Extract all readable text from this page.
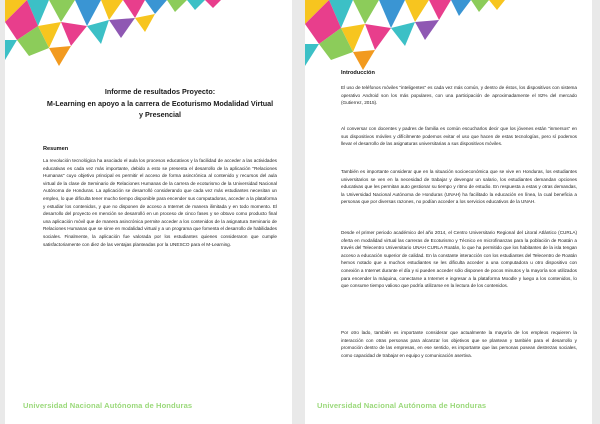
Informe de resultados Proyecto:
M-Learning en apoyo a la carrera de Ecoturismo Modalidad Virtual y Presencial
Resumen
La revolución tecnológica ha asociado el aula los procesos educativos y la facilidad de acceder a las actividades educativas es cada vez más importante, debido a esto se presenta el desarrollo de la aplicación "Relaciones Humanas" cuyo objetivo principal es permitir el acceso de forma asincrónica al contenido y recursos del aula virtual de la clase de Seminario de Relaciones Humanas de la carrera de ecoturismo de la Universidad Nacional Autónoma de Honduras. La aplicación se desarrolló considerando que cada vez más estudiantes necesitan un empleo, lo que dificulta tener mucho tiempo disponible para encender sus computadoras, acceder a la plataforma y estudiar los contenidos, y que no disponen de acceso a Internet de manera ilimitada y en todo momento. El desarrollo del proyecto en mención se desarrolló en un proceso de cinco fases y se obtuvo como producto final una aplicación móvil que de manera asincrónica permite acceder a los contenidos de la asignatura Seminario de Relaciones Humanas que se sirve en modalidad virtual y a un programa que fomenta el desarrollo de habilidades sociales. Finalmente, la aplicación fue valorada por los estudiantes quienes consideraron que cumple satisfactoriamente con diez de las ventajas planteadas por la UNESCO para el M-Learning.
Universidad Nacional Autónoma de Honduras
Introducción
El uso de teléfonos móviles "inteligentes" es cada vez más común, y dentro de éstos, los dispositivos con sistema operativo Android son los más populares, con una participación de aproximadamente el 82% del mercado (Gutierrez, 2015).
Al conversar con docentes y padres de familia es común escucharlos decir que los jóvenes están "inmersos" en sus dispositivos móviles y difícilmente podemos evitar el uso que hacen de estas tecnologías, pero sí podemos llevar el desarrollo de las asignaturas universitarias a sus dispositivos móviles.
También es importante considerar que en la situación socioeconómica que se vive en Honduras, los estudiantes universitarios se ven en la necesidad de trabajar y devengar un salario, los estudiantes demandan opciones educativas que les permitan auto gestionar su tiempo y ritmo de estudio. En respuesta a estas y otras demandas, la Universidad Nacional Autónoma de Honduras (UNAH) ha facilitado la educación en línea, la cual beneficia a personas que por diversas razones, no podían acceder a los servicios educativos de la UNAH.
Desde el primer periodo académico del año 2014, el Centro Universitario Regional del Litoral Atlántico (CURLA) oferta en modalidad virtual las carreras de Ecoturismo y Técnico en microfinanzas para la población de Roatán a través del Telecentro Universitario UNAH CURLA Roatán, lo que ha permitido que los habitantes de la isla tengan acceso a educación superior de calidad. En la constante interacción con los estudiantes del Telecentro de Roatán hemos notado que a muchos estudiantes se les dificulta acceder a una computadora u otro dispositivo con conexión a Internet durante el día y si pueden acceder sólo disponen de pocos minutos y la mayoría son utilizados para encender la máquina, conectarse a Internet e ingresar a la plataforma Moodle y luego a los contenidos, lo que consume tiempo valioso que podría utilizarse en la lectura de los contenidos.
Por otro lado, también es importante considerar que actualmente la mayoría de los empleos requieren la interacción con otras personas para alcanzar los objetivos que se plantean y también para el desarrollo y promoción dentro de las empresas, en ese sentido, es importante que las personas posean destrezas sociales, como capacidad de trabajar en equipo y comunicación asertiva.
Universidad Nacional Autónoma de Honduras
